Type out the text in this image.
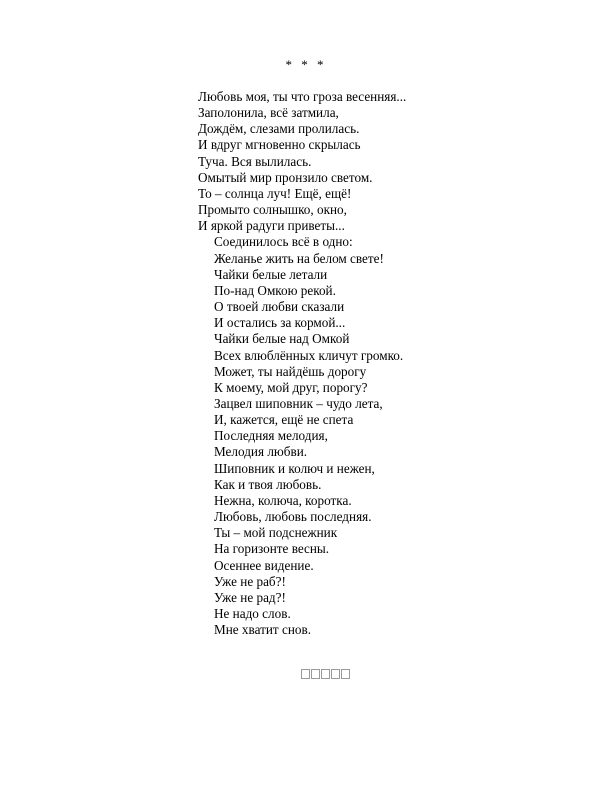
* * *
Любовь моя, ты что гроза весенняя...
Заполонила, всё затмила,
Дождём, слезами пролилась.
И вдруг мгновенно скрылась
Туча. Вся вылилась.
Омытый мир пронзило светом.
То – солнца луч! Ещё, ещё!
Промыто солнышко, окно,
И яркой радуги приветы...
Соединилось всё в одно:
Желанье жить на белом свете!
Чайки белые летали
По-над Омкою рекой.
О твоей любви сказали
И остались за кормой...
Чайки белые над Омкой
Всех влюблённых кличут громко.
Может, ты найдёшь дорогу
К моему, мой друг, порогу?
Зацвел шиповник – чудо лета,
И, кажется, ещё не спета
Последняя мелодия,
Мелодия любви.
Шиповник и колюч и нежен,
Как и твоя любовь.
Нежна, колюча, коротка.
Любовь, любовь последняя.
Ты – мой подснежник
На горизонте весны.
Осеннее видение.
Уже не раб?!
Уже не рад?!
Не надо слов.
Мне хватит снов.
